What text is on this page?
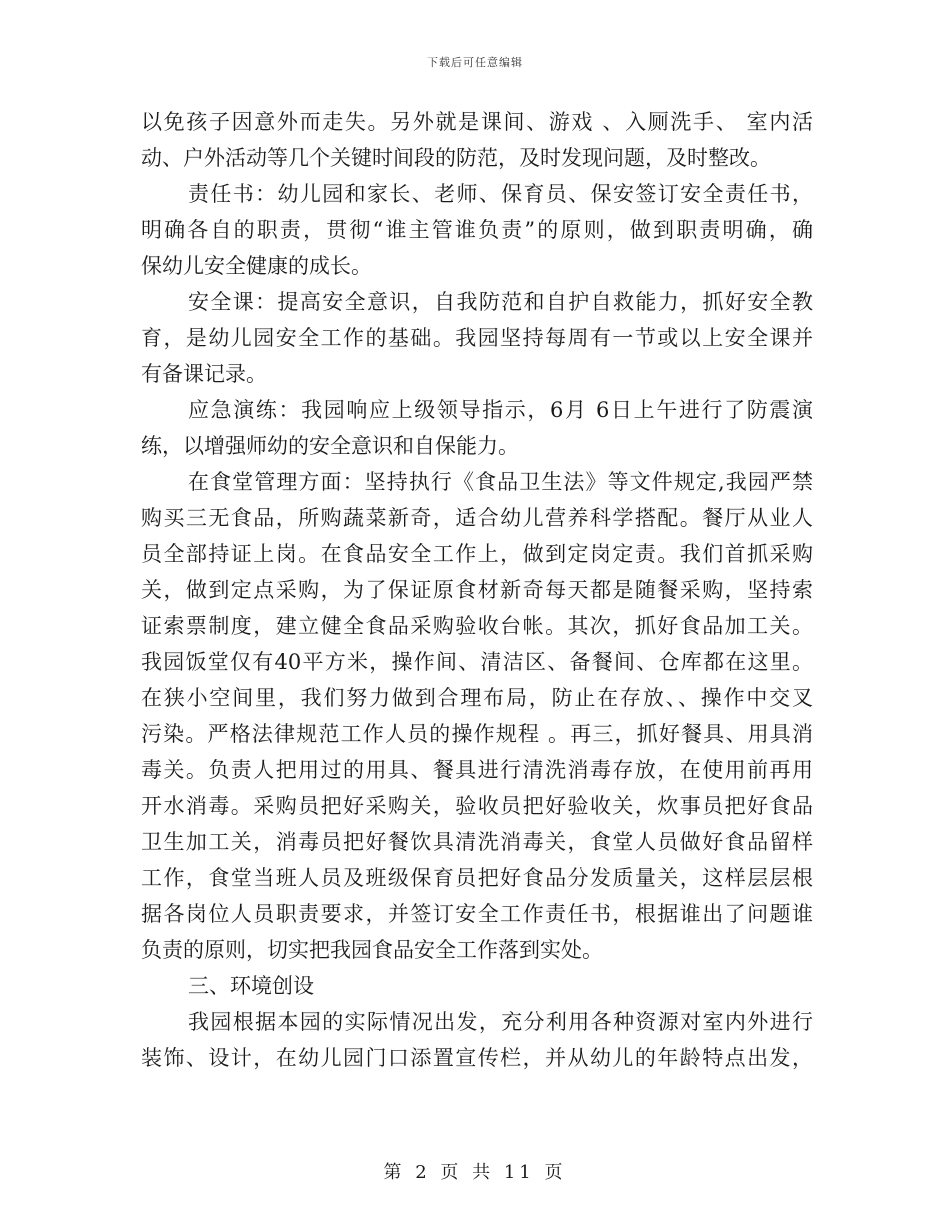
下载后可任意编辑
以免孩子因意外而走失。另外就是课间、游戏 、入厕洗手、 室内活
动、户外活动等几个关键时间段的防范，及时发现问题，及时整改。
责任书：幼儿园和家长、老师、保育员、保安签订安全责任书，
明确各自的职责，贯彻“谁主管谁负责”的原则，做到职责明确，确
保幼儿安全健康的成长。
安全课：提高安全意识，自我防范和自护自救能力，抓好安全教
育，是幼儿园安全工作的基础。我园坚持每周有一节或以上安全课并
有备课记录。
应急演练：我园响应上级领导指示，6月 6日上午进行了防震演
练，以增强师幼的安全意识和自保能力。
在食堂管理方面：坚持执行《食品卫生法》等文件规定,我园严禁
购买三无食品，所购蔬菜新奇，适合幼儿营养科学搭配。餐厅从业人
员全部持证上岗。在食品安全工作上，做到定岗定责。我们首抓采购
关，做到定点采购，为了保证原食材新奇每天都是随餐采购，坚持索
证索票制度，建立健全食品采购验收台帐。其次，抓好食品加工关。
我园饭堂仅有40平方米，操作间、清洁区、备餐间、仓库都在这里。
在狭小空间里，我们努力做到合理布局，防止在存放、、操作中交叉
污染。严格法律规范工作人员的操作规程 。再三，抓好餐具、用具消
毒关。负责人把用过的用具、餐具进行清洗消毒存放，在使用前再用
开水消毒。采购员把好采购关，验收员把好验收关，炊事员把好食品
卫生加工关，消毒员把好餐饮具清洗消毒关，食堂人员做好食品留样
工作，食堂当班人员及班级保育员把好食品分发质量关，这样层层根
据各岗位人员职责要求，并签订安全工作责任书，根据谁出了问题谁
负责的原则，切实把我园食品安全工作落到实处。
三、环境创设
我园根据本园的实际情况出发，充分利用各种资源对室内外进行
装饰、设计，在幼儿园门口添置宣传栏，并从幼儿的年龄特点出发，
第 2 页 共 11 页
